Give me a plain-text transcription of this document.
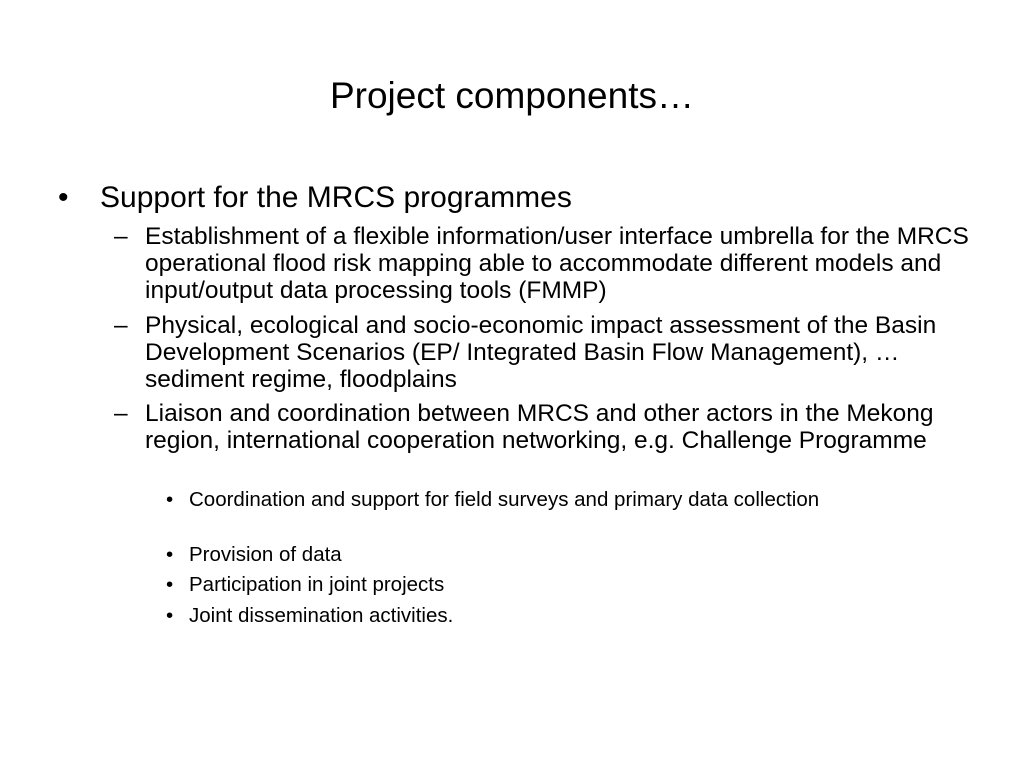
Project components…
• Support for the MRCS programmes
– Establishment of a flexible information/user interface umbrella for the MRCS operational flood risk mapping able to accommodate different models and input/output data processing tools (FMMP)
– Physical, ecological and socio-economic impact assessment of the Basin Development Scenarios (EP/ Integrated Basin Flow Management), …sediment regime, floodplains
– Liaison and coordination between MRCS and other actors in the Mekong region, international cooperation networking, e.g. Challenge Programme
• Coordination and support for field surveys and primary data collection
• Provision of data
• Participation in joint projects
• Joint dissemination activities.
